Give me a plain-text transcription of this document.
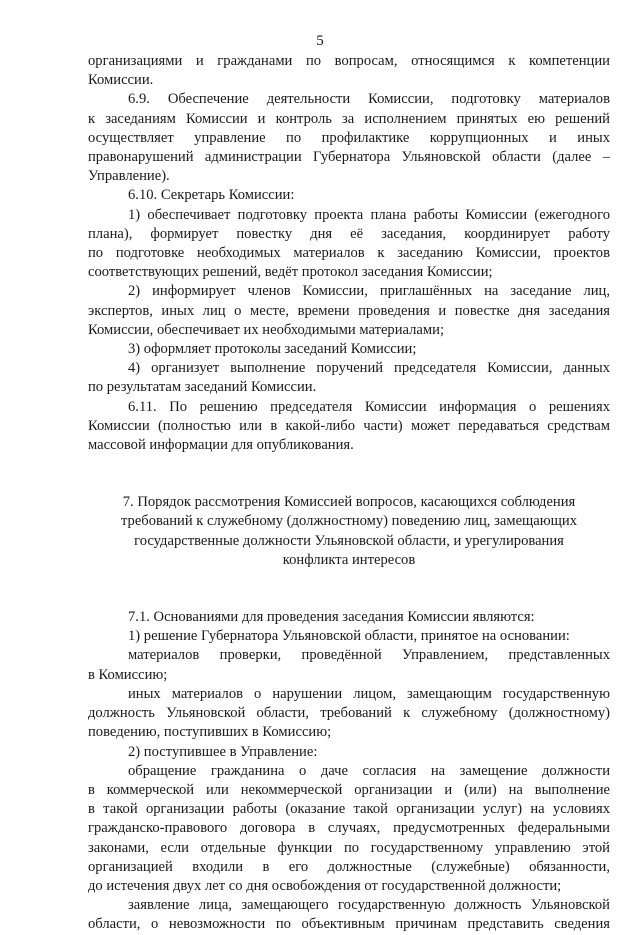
5
организациями и гражданами по вопросам, относящимся к компетенции
Комиссии.
6.9. Обеспечение деятельности Комиссии, подготовку материалов
к заседаниям Комиссии и контроль за исполнением принятых ею решений
осуществляет управление по профилактике коррупционных и иных
правонарушений администрации Губернатора Ульяновской области (далее –
Управление).
6.10. Секретарь Комиссии:
1) обеспечивает подготовку проекта плана работы Комиссии (ежегодного
плана), формирует повестку дня её заседания, координирует работу
по подготовке необходимых материалов к заседанию Комиссии, проектов
соответствующих решений, ведёт протокол заседания Комиссии;
2) информирует членов Комиссии, приглашённых на заседание лиц,
экспертов, иных лиц о месте, времени проведения и повестке дня заседания
Комиссии, обеспечивает их необходимыми материалами;
3) оформляет протоколы заседаний Комиссии;
4) организует выполнение поручений председателя Комиссии, данных
по результатам заседаний Комиссии.
6.11. По решению председателя Комиссии информация о решениях
Комиссии (полностью или в какой-либо части) может передаваться средствам
массовой информации для опубликования.
7. Порядок рассмотрения Комиссией вопросов, касающихся соблюдения
требований к служебному (должностному) поведению лиц, замещающих
государственные должности Ульяновской области, и урегулирования
конфликта интересов
7.1. Основаниями для проведения заседания Комиссии являются:
1) решение Губернатора Ульяновской области, принятое на основании:
материалов проверки, проведённой Управлением, представленных
в Комиссию;
иных материалов о нарушении лицом, замещающим государственную
должность Ульяновской области, требований к служебному (должностному)
поведению, поступивших в Комиссию;
2) поступившее в Управление:
обращение гражданина о даче согласия на замещение должности
в коммерческой или некоммерческой организации и (или) на выполнение
в такой организации работы (оказание такой организации услуг) на условиях
гражданско-правового договора в случаях, предусмотренных федеральными
законами, если отдельные функции по государственному управлению этой
организацией входили в его должностные (служебные) обязанности,
до истечения двух лет со дня освобождения от государственной должности;
заявление лица, замещающего государственную должность Ульяновской
области, о невозможности по объективным причинам представить сведения
